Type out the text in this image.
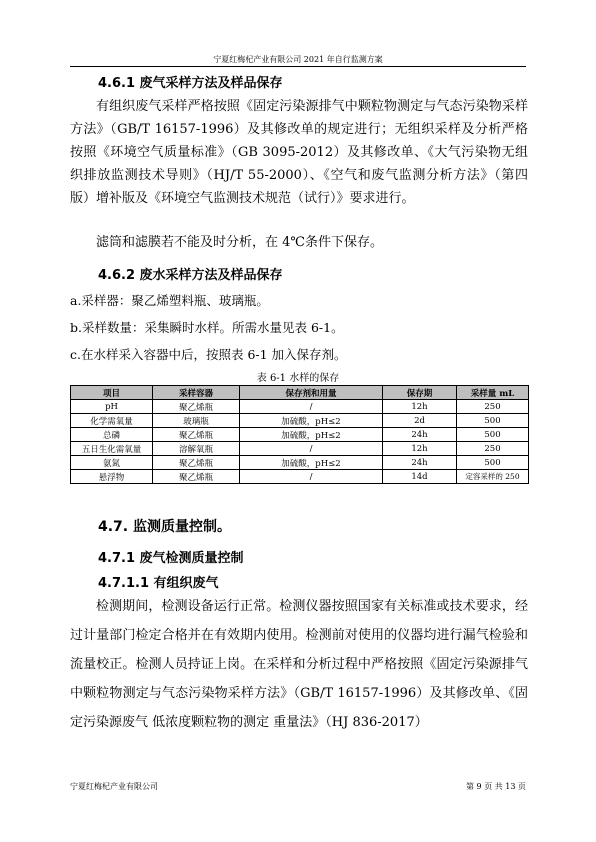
宁夏红梅杞产业有限公司 2021 年自行监测方案
4.6.1 废气采样方法及样品保存
有组织废气采样严格按照《固定污染源排气中颗粒物测定与气态污染物采样方法》（GB/T 16157-1996）及其修改单的规定进行；无组织采样及分析严格按照《环境空气质量标准》（GB 3095-2012）及其修改单、《大气污染物无组织排放监测技术导则》（HJ/T 55-2000）、《空气和废气监测分析方法》（第四版）增补版及《环境空气监测技术规范（试行）》要求进行。
滤筒和滤膜若不能及时分析，在 4℃条件下保存。
4.6.2 废水采样方法及样品保存
a.采样器：聚乙烯塑料瓶、玻璃瓶。
b.采样数量：采集瞬时水样。所需水量见表 6-1。
c.在水样采入容器中后，按照表 6-1 加入保存剂。
表 6-1 水样的保存
项目	采样容器	保存剂和用量	保存期	采样量 mL
pH	聚乙烯瓶	/	12h	250
化学需氧量	玻璃瓶	加硫酸，pH≤2	2d	500
总磷	聚乙烯瓶	加硫酸，pH≤2	24h	500
五日生化需氧量	溶解氧瓶	/	12h	250
氨氮	聚乙烯瓶	加硫酸，pH≤2	24h	500
悬浮物	聚乙烯瓶	/	14d	定容采样的 250
4.7. 监测质量控制。
4.7.1 废气检测质量控制
4.7.1.1 有组织废气
检测期间，检测设备运行正常。检测仪器按照国家有关标准或技术要求，经过计量部门检定合格并在有效期内使用。检测前对使用的仪器均进行漏气检验和流量校正。检测人员持证上岗。在采样和分析过程中严格按照《固定污染源排气中颗粒物测定与气态污染物采样方法》（GB/T 16157-1996）及其修改单、《固定污染源废气 低浓度颗粒物的测定 重量法》（HJ 836-2017）
宁夏红梅杞产业有限公司	第 9 页 共 13 页
